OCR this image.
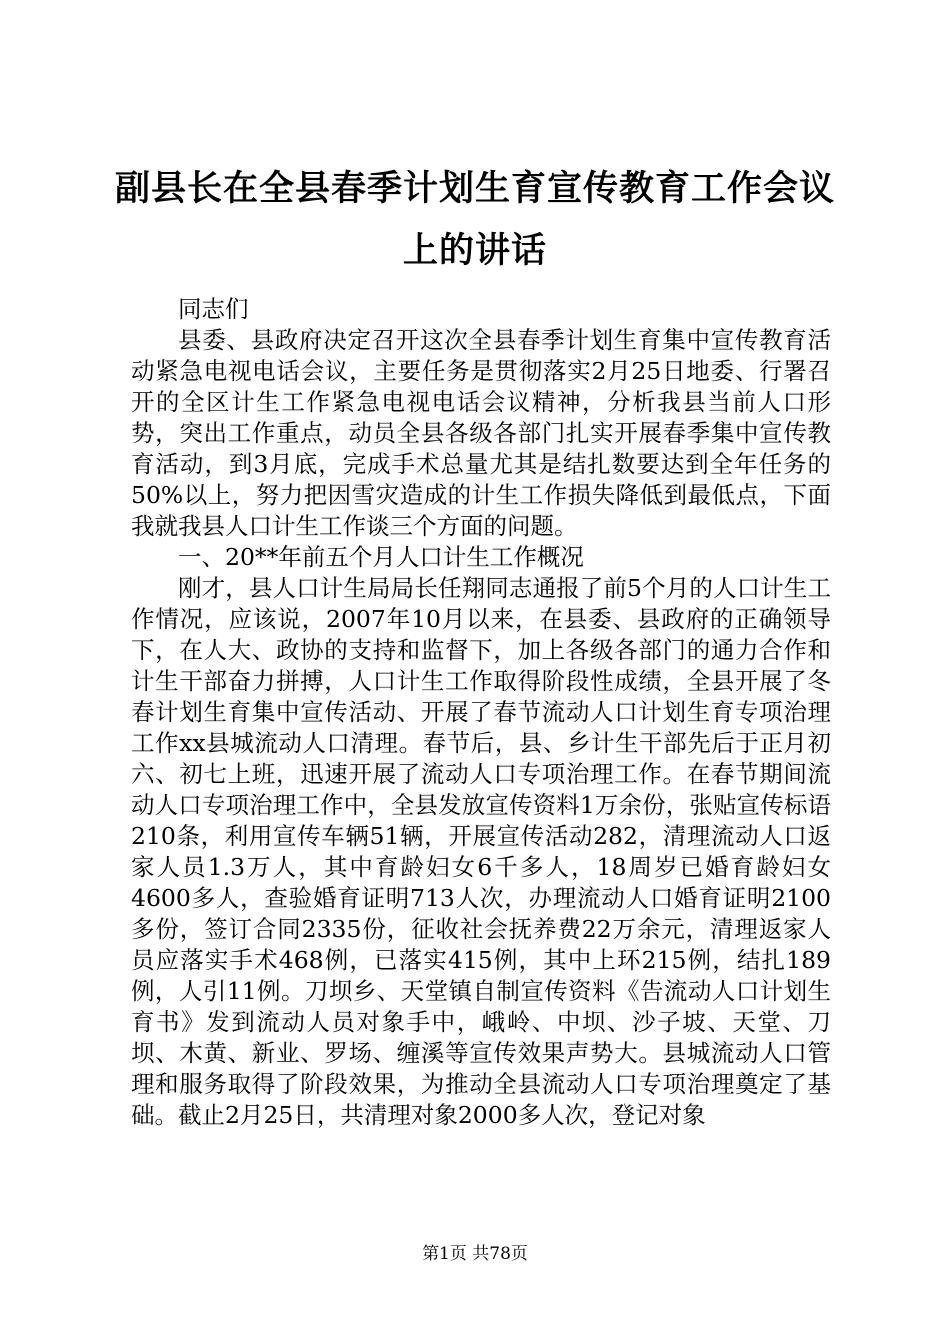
副县长在全县春季计划生育宣传教育工作会议上的讲话

同志们

县委、县政府决定召开这次全县春季计划生育集中宣传教育活动紧急电视电话会议，主要任务是贯彻落实2月25日地委、行署召开的全区计生工作紧急电视电话会议精神，分析我县当前人口形势，突出工作重点，动员全县各级各部门扎实开展春季集中宣传教育活动，到3月底，完成手术总量尤其是结扎数要达到全年任务的50%以上，努力把因雪灾造成的计生工作损失降低到最低点，下面我就我县人口计生工作谈三个方面的问题。

一、20**年前五个月人口计生工作概况

刚才，县人口计生局局长任翔同志通报了前5个月的人口计生工作情况，应该说，2007年10月以来，在县委、县政府的正确领导下，在人大、政协的支持和监督下，加上各级各部门的通力合作和计生干部奋力拼搏，人口计生工作取得阶段性成绩，全县开展了冬春计划生育集中宣传活动、开展了春节流动人口计划生育专项治理工作xx县城流动人口清理。春节后，县、乡计生干部先后于正月初六、初七上班，迅速开展了流动人口专项治理工作。在春节期间流动人口专项治理工作中，全县发放宣传资料1万余份，张贴宣传标语210条，利用宣传车辆51辆，开展宣传活动282，清理流动人口返家人员1.3万人，其中育龄妇女6千多人，18周岁已婚育龄妇女4600多人，查验婚育证明713人次，办理流动人口婚育证明2100多份，签订合同2335份，征收社会抚养费22万余元，清理返家人员应落实手术468例，已落实415例，其中上环215例，结扎189例，人引11例。刀坝乡、天堂镇自制宣传资料《告流动人口计划生育书》发到流动人员对象手中，峨岭、中坝、沙子坡、天堂、刀坝、木黄、新业、罗场、缠溪等宣传效果声势大。县城流动人口管理和服务取得了阶段效果，为推动全县流动人口专项治理奠定了基础。截止2月25日，共清理对象2000多人次，登记对象

第1页 共78页
